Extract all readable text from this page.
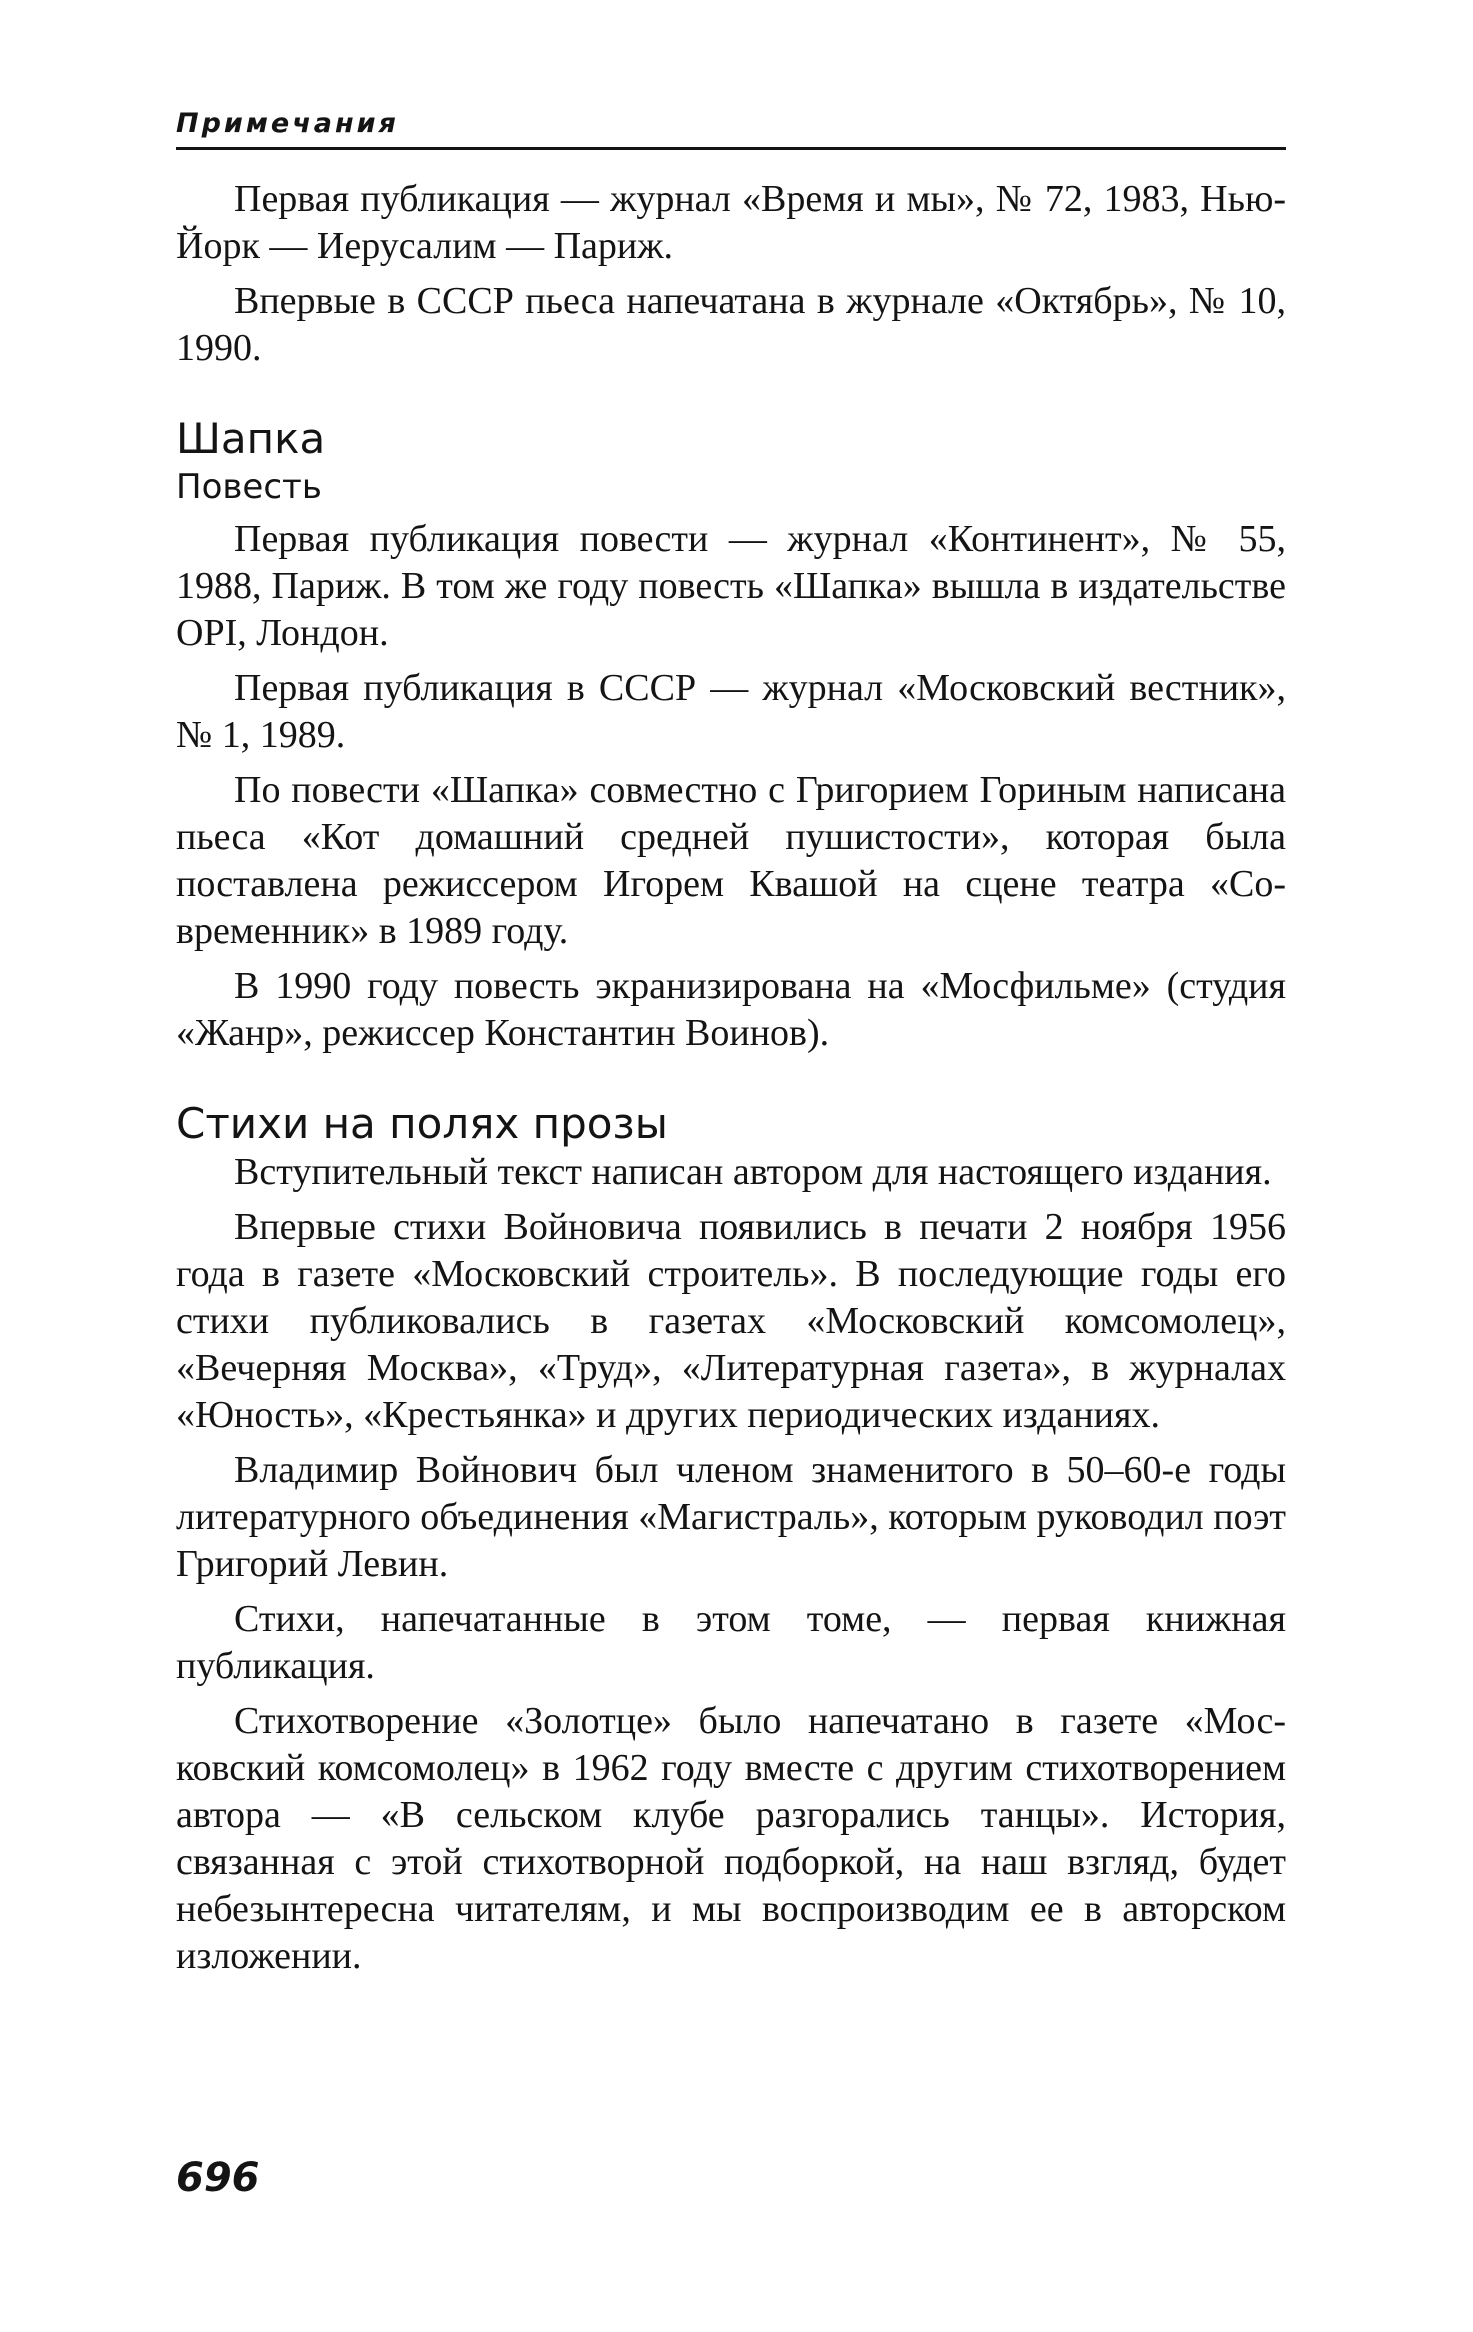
Примечания

Первая публикация — журнал «Время и мы», № 72, 1983, Нью-Йорк — Иерусалим — Париж.

Впервые в СССР пьеса напечатана в журнале «Октябрь», № 10, 1990.

Шапка
Повесть

Первая публикация повести — журнал «Континент», № 55, 1988, Париж. В том же году повесть «Шапка» вышла в издательстве OPI, Лондон.

Первая публикация в СССР — журнал «Московский вестник», № 1, 1989.

По повести «Шапка» совместно с Григорием Гориным написана пьеса «Кот домашний средней пушистости», которая была поставлена режиссером Игорем Квашой на сцене театра «Современник» в 1989 году.

В 1990 году повесть экранизирована на «Мосфильме» (студия «Жанр», режиссер Константин Воинов).

Стихи на полях прозы

Вступительный текст написан автором для настоящего издания.

Впервые стихи Войновича появились в печати 2 ноября 1956 года в газете «Московский строитель». В последующие годы его стихи публиковались в газетах «Московский комсомолец», «Вечерняя Москва», «Труд», «Литературная газета», в журналах «Юность», «Крестьянка» и других периодических изданиях.

Владимир Войнович был членом знаменитого в 50–60-е годы литературного объединения «Магистраль», которым руководил поэт Григорий Левин.

Стихи, напечатанные в этом томе, — первая книжная публикация.

Стихотворение «Золотце» было напечатано в газете «Московский комсомолец» в 1962 году вместе с другим стихотворением автора — «В сельском клубе разгорались танцы». История, связанная с этой стихотворной подборкой, на наш взгляд, будет небезынтересна читателям, и мы воспроизводим ее в авторском изложении.

696
